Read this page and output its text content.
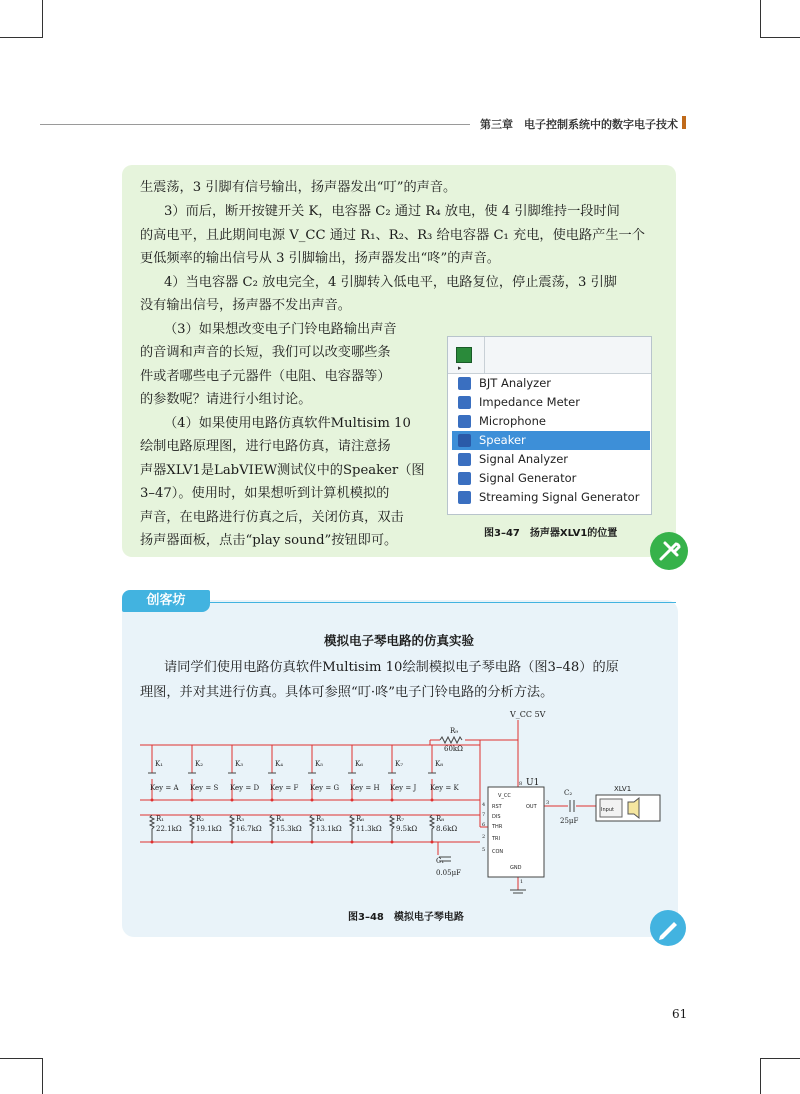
第三章　电子控制系统中的数字电子技术
生震荡，3 引脚有信号输出，扬声器发出“叮”的声音。
3）而后，断开按键开关 K，电容器 C₂ 通过 R₄ 放电，使 4 引脚维持一段时间
的高电平，且此期间电源 V_CC 通过 R₁、R₂、R₃ 给电容器 C₁ 充电，使电路产生一个
更低频率的输出信号从 3 引脚输出，扬声器发出“咚”的声音。
4）当电容器 C₂ 放电完全，4 引脚转入低电平，电路复位，停止震荡，3 引脚
没有输出信号，扬声器不发出声音。
（3）如果想改变电子门铃电路输出声音
的音调和声音的长短，我们可以改变哪些条
件或者哪些电子元器件（电阻、电容器等）
的参数呢？请进行小组讨论。
（4）如果使用电路仿真软件Multisim 10
绘制电路原理图，进行电路仿真，请注意扬
声器XLV1是LabVIEW测试仪中的Speaker（图
3–47）。使用时，如果想听到计算机模拟的
声音，在电路进行仿真之后，关闭仿真，双击
扬声器面板，点击“play sound”按钮即可。
▸
BJT Analyzer
Impedance Meter
Microphone
Speaker
Signal Analyzer
Signal Generator
Streaming Signal Generator
图3–47　扬声器XLV1的位置
创客坊
模拟电子琴电路的仿真实验
请同学们使用电路仿真软件Multisim 10绘制模拟电子琴电路（图3–48）的原
理图，并对其进行仿真。具体可参照“叮·咚”电子门铃电路的分析方法。
K₁
Key = A
R₁
22.1kΩ
K₂
Key = S
R₂
19.1kΩ
K₃
Key = D
R₃
16.7kΩ
K₄
Key = F
R₄
15.3kΩ
K₅
Key = G
R₅
13.1kΩ
K₆
Key = H
R₆
11.3kΩ
K₇
Key = J
R₇
9.5kΩ
K₈
Key = K
R₈
8.6kΩ
V_CC 5V
R₉
60kΩ
U1
V_CC
RST
DIS
THR
TRI
CON
OUT
GND
8
4
7
6
2
5
3
1
C₁
0.05μF
C₂
25μF
XLV1
Input
图3–48　模拟电子琴电路
61
